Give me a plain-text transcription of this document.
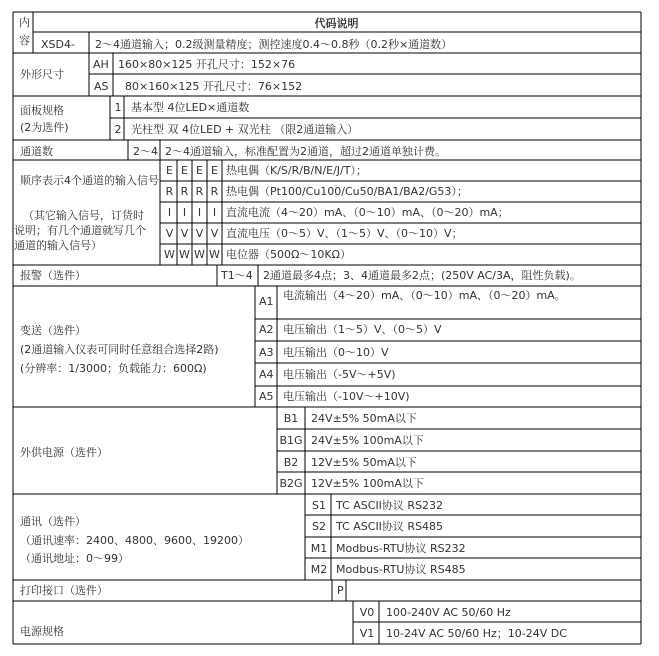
内
容
代码说明
XSD4- 2～4通道输入；0.2级测量精度；测控速度0.4～0.8秒（0.2秒×通道数）
外形尺寸
AH 160×80×125 开孔尺寸：152×76
AS 80×160×125 开孔尺寸：76×152
面板规格
(2为选件)
1 基本型 4位LED×通道数
2 光柱型 双 4位LED + 双光柱 （限2通道输入）
通道数	2～4 2～4通道输入，标准配置为2通道，超过2通道单独计费。
顺序表示4个通道的输入信号
（其它输入信号，订货时
说明；有几个通道就写几个
通道的输入信号）
E E E E 热电偶（K/S/R/B/N/E/J/T）；
R R R R 热电偶（Pt100/Cu100/Cu50/BA1/BA2/G53）；
I	I	I	I 直流电流（4～20）mA、（0～10）mA、（0～20）mA；
V V V V 直流电压（0～5）V、（1～5）V、（0～10）V；
W W W W 电位器（500Ω～10KΩ）
报警（选件）	T1～4 2通道最多4点；3、4通道最多2点；(250V AC/3A，阻性负载)。
变送（选件）
(2通道输入仪表可同时任意组合选择2路)
(分辨率：1/3000；负载能力：600Ω)
A1 电流输出（4～20）mA、（0～10）mA、（0～20）mA。
A2 电压输出（1～5）V、（0～5）V
A3 电压输出（0～10）V
A4 电压输出（-5V～+5V)
A5 电压输出（-10V～+10V)
外供电源（选件）
B1	24V±5% 50mA以下
B1G 24V±5% 100mA以下
B2	12V±5% 50mA以下
B2G 12V±5% 100mA以下
通讯（选件）
（通讯速率：2400、4800、9600、19200）
（通讯地址：0～99）
S1 TC ASCII协议 RS232
S2 TC ASCII协议 RS485
M1 Modbus-RTU协议 RS232
M2 Modbus-RTU协议 RS485
打印接口（选件）	P
电源规格
V0	100-240V AC 50/60 Hz
V1	10-24V AC 50/60 Hz；10-24V DC
